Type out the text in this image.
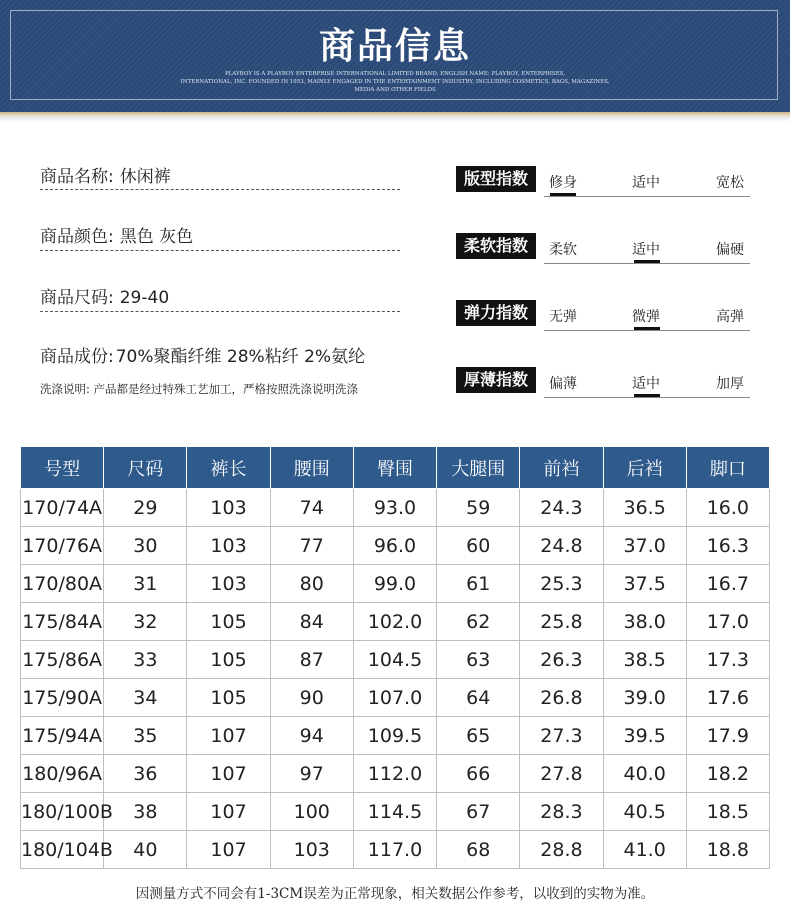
商品信息
PLAYBOY IS A PLAYBOY ENTERPRISE INTERNATIONAL LIMITED BRAND, ENGLISH NAME: PLAYBOY, ENTERPRISES,
INTERNATIONAL, INC. FOUNDED IN 1953, MAINLY ENGAGED IN THE ENTERTAINMENT INDUSTRY, INCLUDING COSMETICS, BAGS, MAGAZINES,
MEDIA AND OTHER FIELDS
商品名称: 休闲裤
商品颜色: 黑色 灰色
商品尺码: 29-40
商品成份: 70%聚酯纤维 28%粘纤 2%氨纶
洗涤说明: 产品都是经过特殊工艺加工，严格按照洗涤说明洗涤
版型指数	修身	适中	宽松
柔软指数	柔软	适中	偏硬
弹力指数	无弹	微弹	高弹
厚薄指数	偏薄	适中	加厚
号型	尺码	裤长	腰围	臀围	大腿围	前裆	后裆	脚口
170/74A	29	103	74	93.0	59	24.3	36.5	16.0
170/76A	30	103	77	96.0	60	24.8	37.0	16.3
170/80A	31	103	80	99.0	61	25.3	37.5	16.7
175/84A	32	105	84	102.0	62	25.8	38.0	17.0
175/86A	33	105	87	104.5	63	26.3	38.5	17.3
175/90A	34	105	90	107.0	64	26.8	39.0	17.6
175/94A	35	107	94	109.5	65	27.3	39.5	17.9
180/96A	36	107	97	112.0	66	27.8	40.0	18.2
180/100B	38	107	100	114.5	67	28.3	40.5	18.5
180/104B	40	107	103	117.0	68	28.8	41.0	18.8
因测量方式不同会有1-3CM误差为正常现象，相关数据公作参考，以收到的实物为准。
